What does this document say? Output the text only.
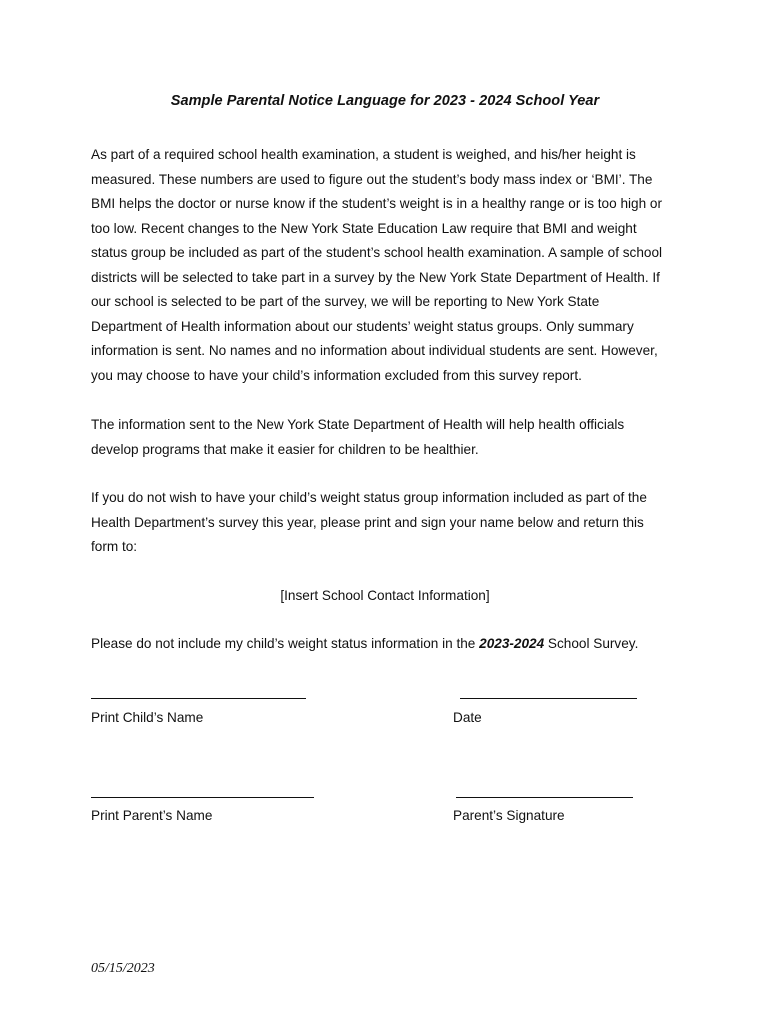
Sample Parental Notice Language for 2023 - 2024 School Year

As part of a required school health examination, a student is weighed, and his/her height is
measured. These numbers are used to figure out the student’s body mass index or ‘BMI’. The
BMI helps the doctor or nurse know if the student’s weight is in a healthy range or is too high or
too low. Recent changes to the New York State Education Law require that BMI and weight
status group be included as part of the student’s school health examination. A sample of school
districts will be selected to take part in a survey by the New York State Department of Health. If
our school is selected to be part of the survey, we will be reporting to New York State
Department of Health information about our students’ weight status groups. Only summary
information is sent. No names and no information about individual students are sent. However,
you may choose to have your child’s information excluded from this survey report.

The information sent to the New York State Department of Health will help health officials
develop programs that make it easier for children to be healthier.

If you do not wish to have your child’s weight status group information included as part of the
Health Department’s survey this year, please print and sign your name below and return this
form to:

[Insert School Contact Information]
Please do not include my child’s weight status information in the 2023-2024 School Survey.
Print Child’s Name	Date
Print Parent’s Name	Parent’s Signature
05/15/2023
